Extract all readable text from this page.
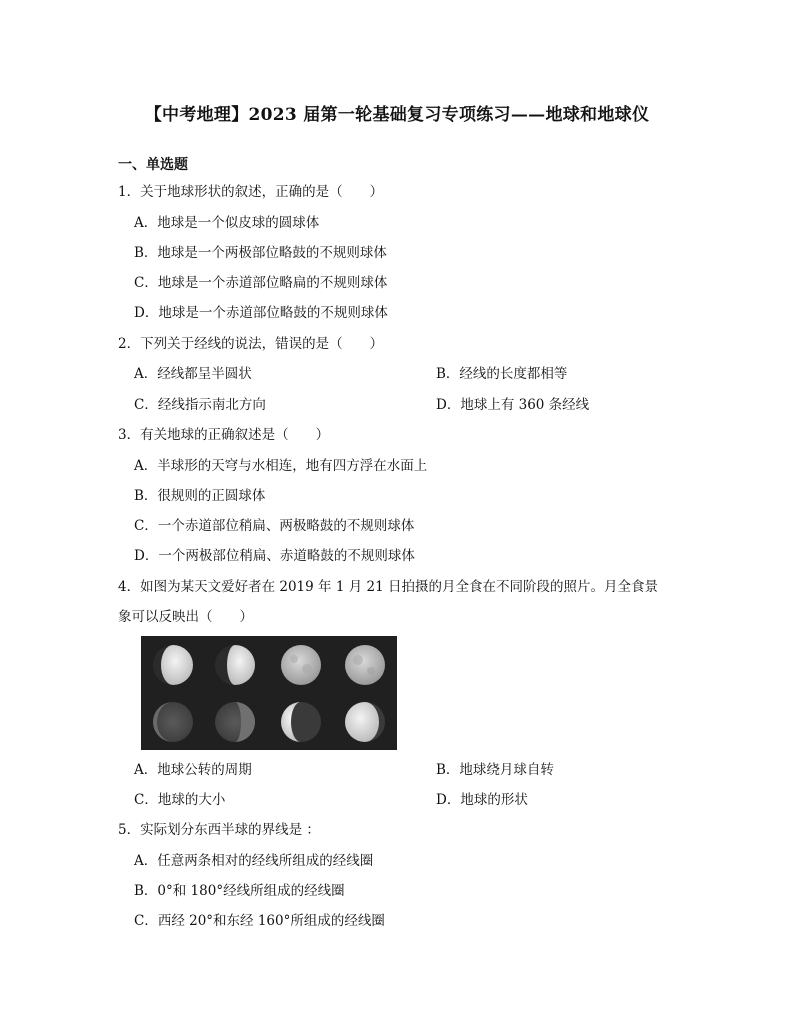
【中考地理】2023 届第一轮基础复习专项练习——地球和地球仪
一、单选题
1．关于地球形状的叙述，正确的是（　　）
A．地球是一个似皮球的圆球体
B．地球是一个两极部位略鼓的不规则球体
C．地球是一个赤道部位略扁的不规则球体
D．地球是一个赤道部位略鼓的不规则球体
2．下列关于经线的说法，错误的是（　　）
A．经线都呈半圆状	B．经线的长度都相等
C．经线指示南北方向	D．地球上有 360 条经线
3．有关地球的正确叙述是（　　）
A．半球形的天穹与水相连，地有四方浮在水面上
B．很规则的正圆球体
C．一个赤道部位稍扁、两极略鼓的不规则球体
D．一个两极部位稍扁、赤道略鼓的不规则球体
4．如图为某天文爱好者在 2019 年 1 月 21 日拍摄的月全食在不同阶段的照片。月全食景
象可以反映出（　　）
A．地球公转的周期	B．地球绕月球自转
C．地球的大小	D．地球的形状
5．实际划分东西半球的界线是 ：
A．任意两条相对的经线所组成的经线圈
B．0°和 180°经线所组成的经线圈
C．西经 20°和东经 160°所组成的经线圈
